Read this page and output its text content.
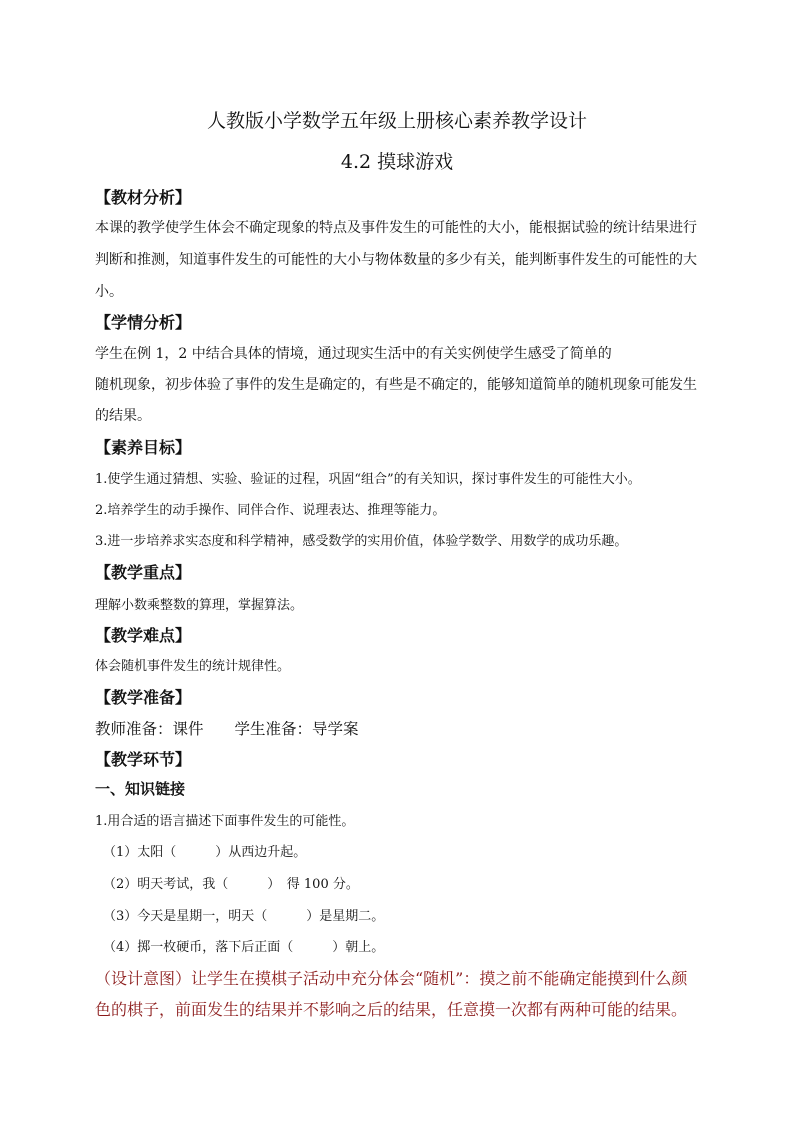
人教版小学数学五年级上册核心素养教学设计
4.2 摸球游戏
【教材分析】
本课的教学使学生体会不确定现象的特点及事件发生的可能性的大小，能根据试验的统计结果进行
判断和推测，知道事件发生的可能性的大小与物体数量的多少有关，能判断事件发生的可能性的大
小。
【学情分析】
学生在例 1，2 中结合具体的情境，通过现实生活中的有关实例使学生感受了简单的
随机现象，初步体验了事件的发生是确定的，有些是不确定的，能够知道简单的随机现象可能发生
的结果。
【素养目标】
1.使学生通过猜想、实验、验证的过程，巩固“组合”的有关知识，探讨事件发生的可能性大小。
2.培养学生的动手操作、同伴合作、说理表达、推理等能力。
3.进一步培养求实态度和科学精神，感受数学的实用价值，体验学数学、用数学的成功乐趣。
【教学重点】
理解小数乘整数的算理，掌握算法。
【教学难点】
体会随机事件发生的统计规律性。
【教学准备】
教师准备：课件　　学生准备：导学案
【教学环节】
一、知识链接
1.用合适的语言描述下面事件发生的可能性。
（1）太阳（　　　）从西边升起。
（2）明天考试，我（　　　）　得 100 分。
（3）今天是星期一，明天（　　　）是星期二。
（4）掷一枚硬币，落下后正面（　　　）朝上。
（设计意图）让学生在摸棋子活动中充分体会“随机”：摸之前不能确定能摸到什么颜
色的棋子，前面发生的结果并不影响之后的结果，任意摸一次都有两种可能的结果。
